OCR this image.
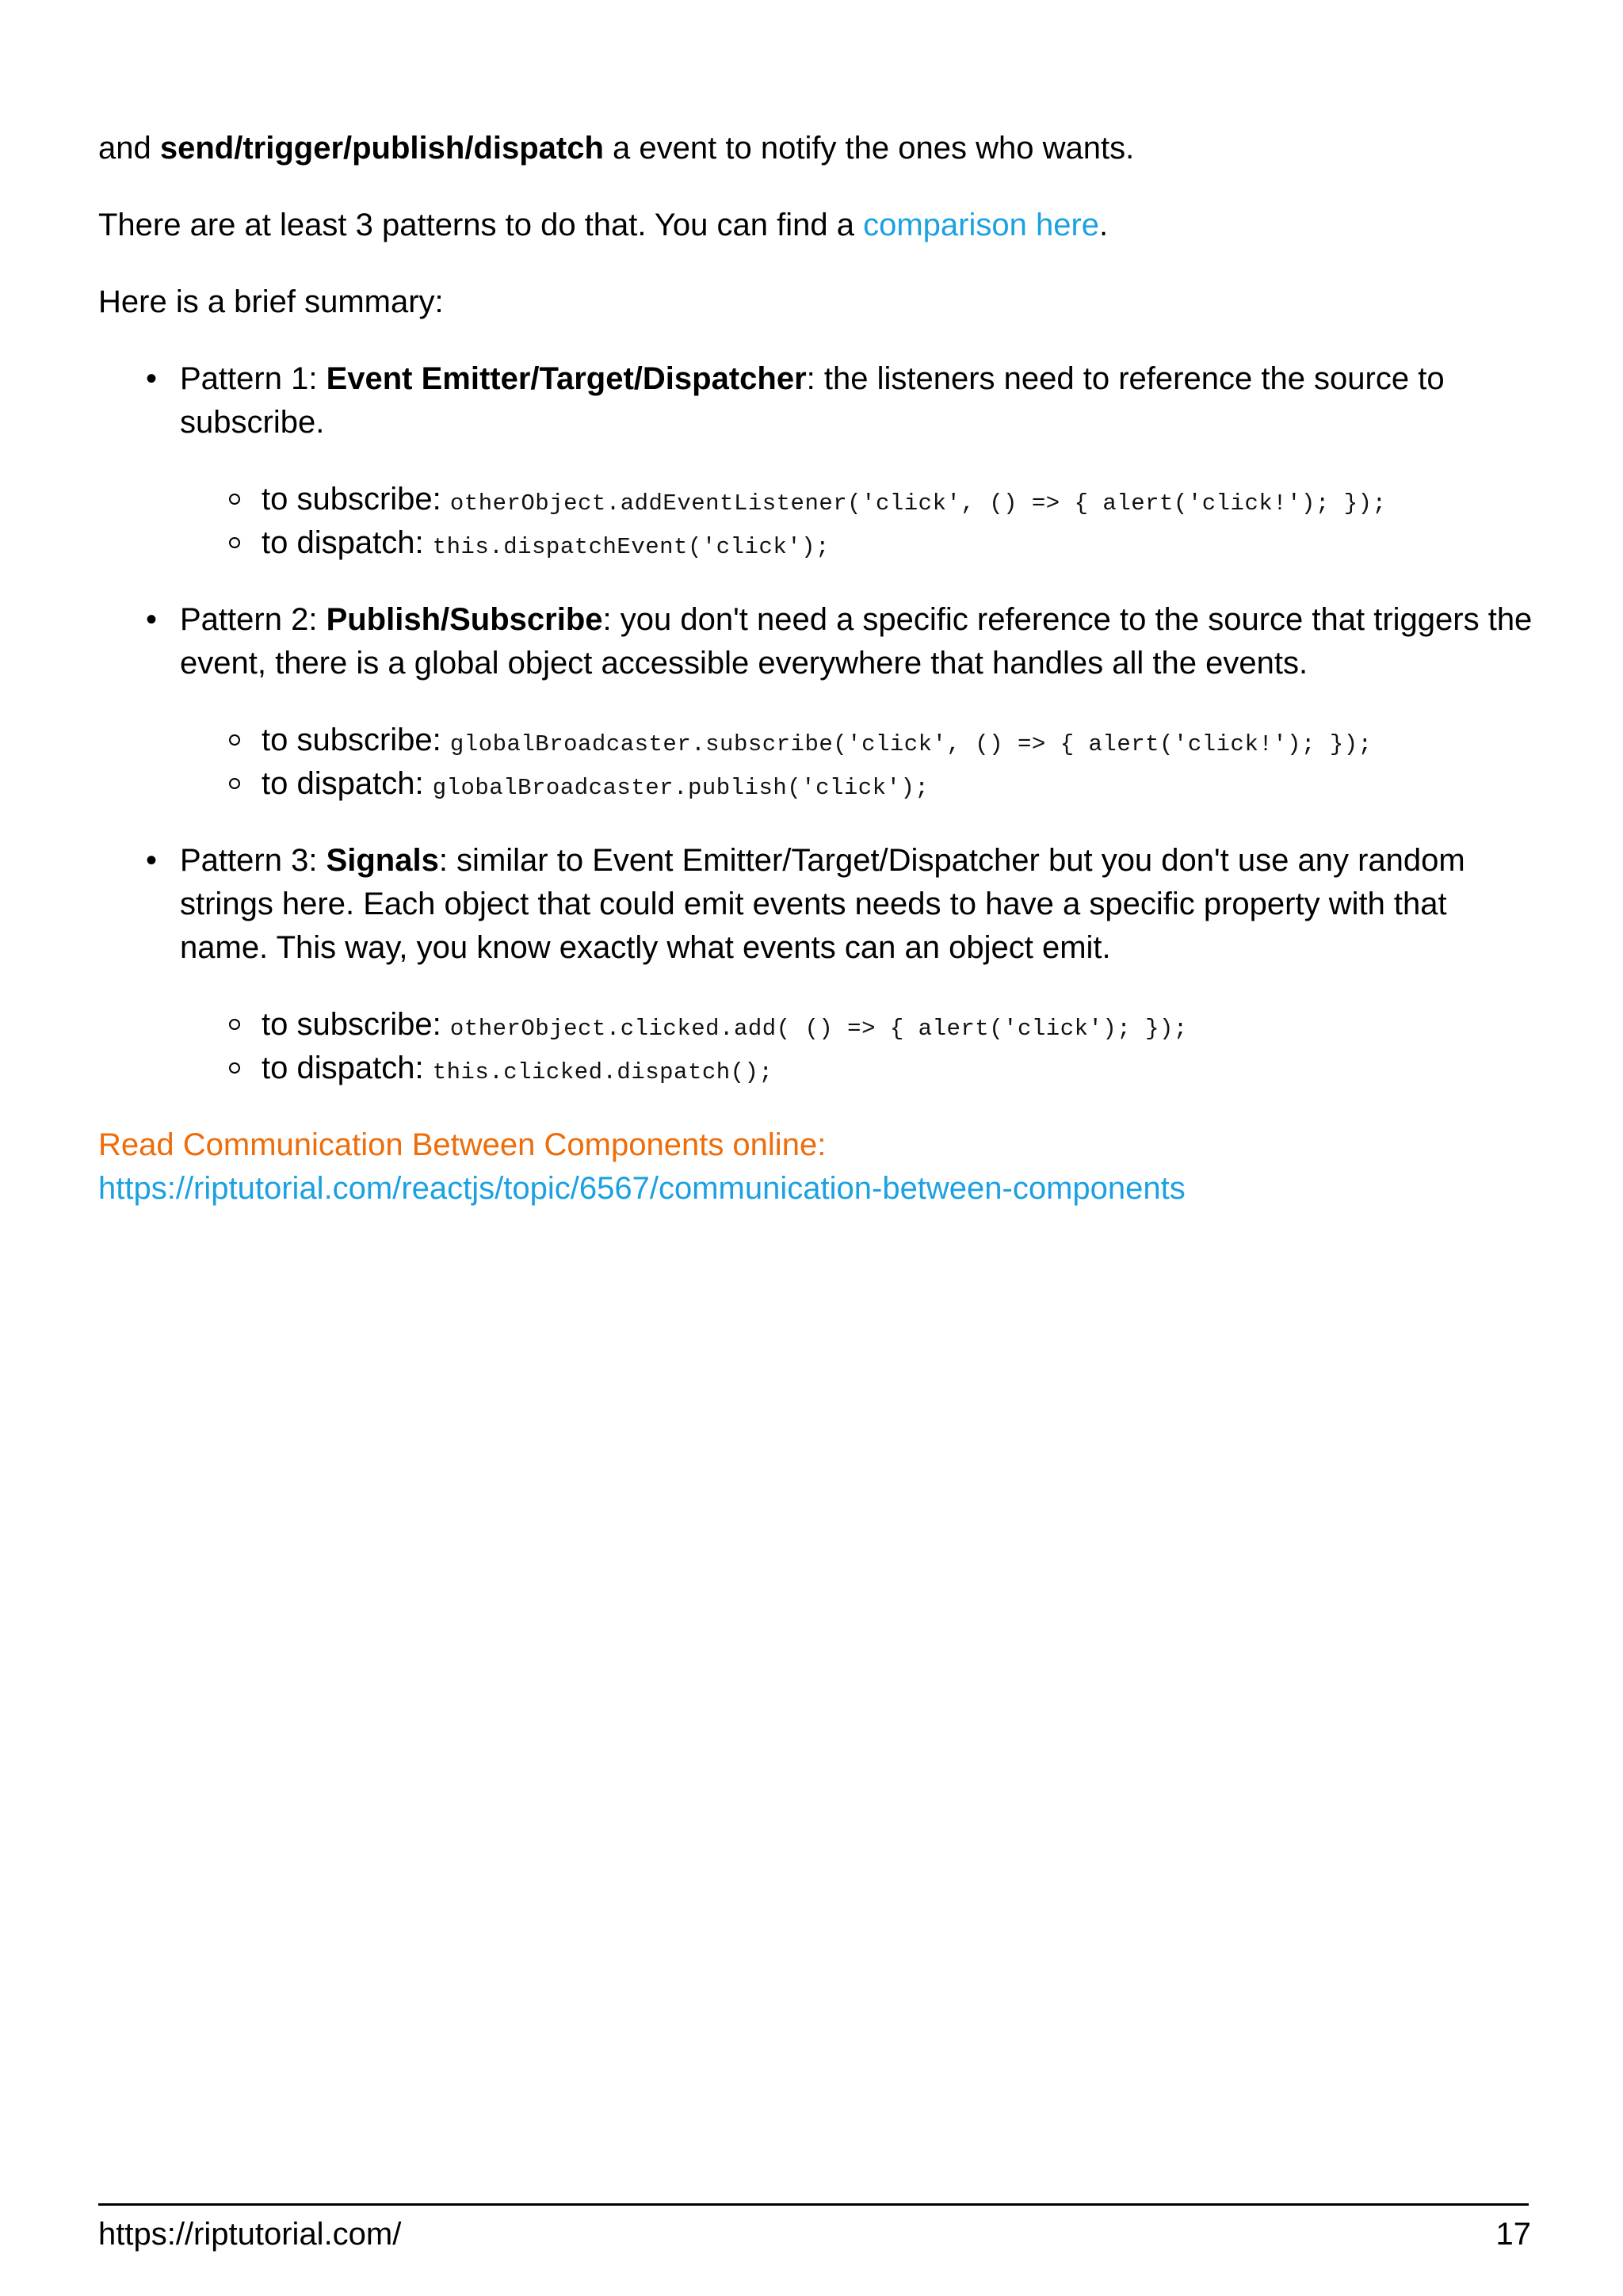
and send/trigger/publish/dispatch a event to notify the ones who wants.

There are at least 3 patterns to do that. You can find a comparison here.

Here is a brief summary:

• Pattern 1: Event Emitter/Target/Dispatcher: the listeners need to reference the source to subscribe.
to subscribe: otherObject.addEventListener('click', () => { alert('click!'); });
to dispatch: this.dispatchEvent('click');
• Pattern 2: Publish/Subscribe: you don't need a specific reference to the source that triggers the event, there is a global object accessible everywhere that handles all the events.
to subscribe: globalBroadcaster.subscribe('click', () => { alert('click!'); });
to dispatch: globalBroadcaster.publish('click');
• Pattern 3: Signals: similar to Event Emitter/Target/Dispatcher but you don't use any random strings here. Each object that could emit events needs to have a specific property with that name. This way, you know exactly what events can an object emit.
to subscribe: otherObject.clicked.add( () => { alert('click'); });
to dispatch: this.clicked.dispatch();

Read Communication Between Components online:
https://riptutorial.com/reactjs/topic/6567/communication-between-components

https://riptutorial.com/	17
